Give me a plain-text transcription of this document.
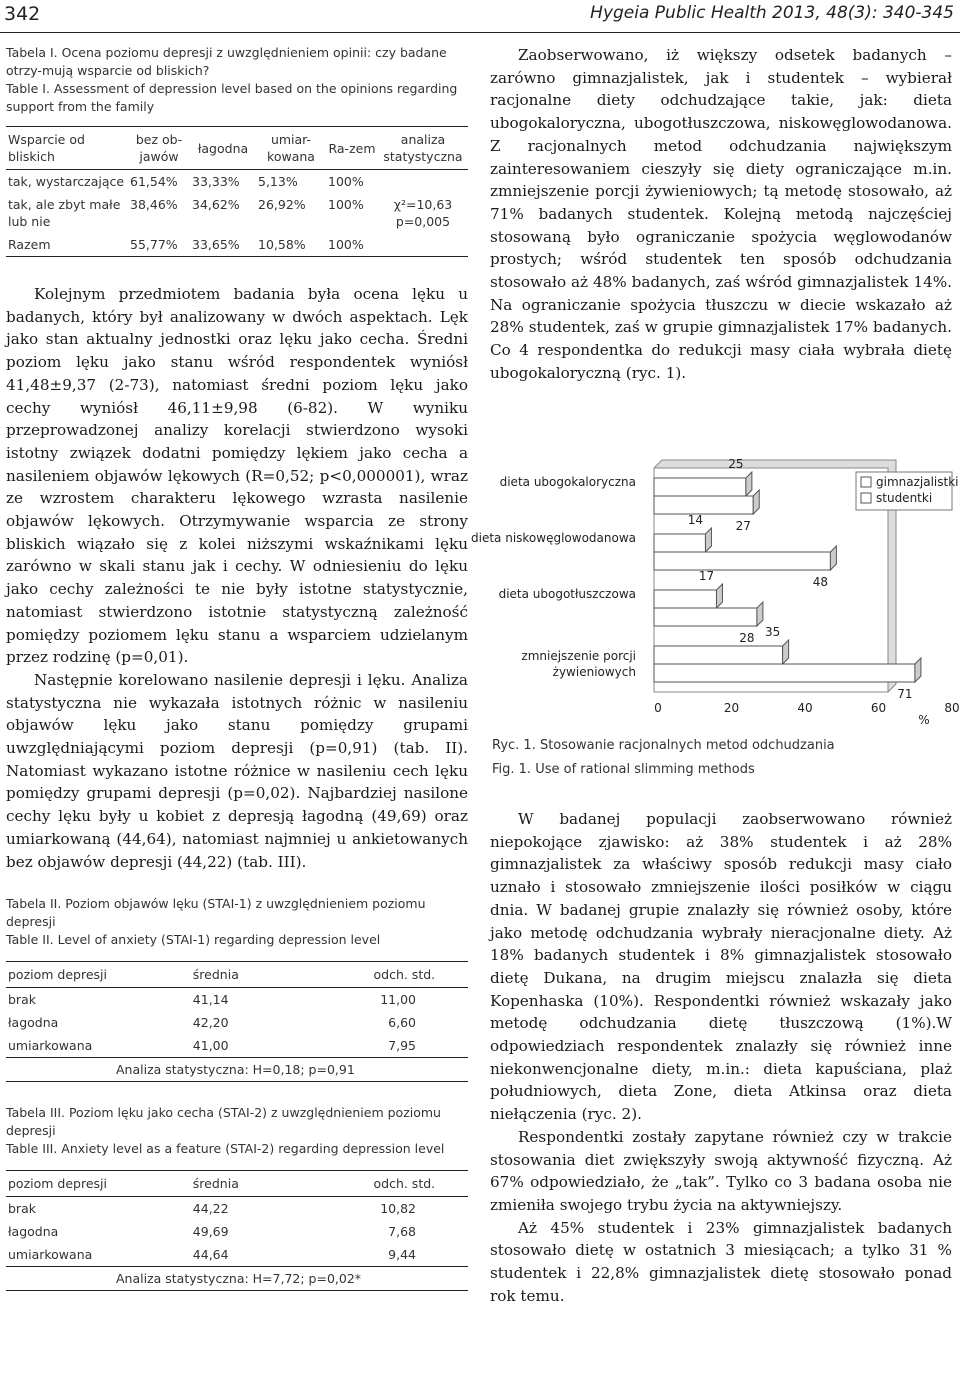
342	Hygeia Public Health 2013, 48(3): 340-345

Tabela I. Ocena poziomu depresji z uwzględnieniem opinii: czy badane otrzy-mują wsparcie od bliskich?

Table I. Assessment of depression level based on the opinions regarding support from the family

Wsparcie od bliskich	bez ob-jawów	łagodna	umiar-kowana	Ra-zem	analiza statystyczna
tak, wystarczające	61,54%	33,33%	5,13%	100%	
tak, ale zbyt małe lub nie	38,46%	34,62%	26,92%	100%	χ²=10,63
p=0,005

Razem	55,77%	33,65%	10,58%	100%	

Kolejnym przedmiotem badania była ocena lęku u badanych, który był analizowany w dwóch aspektach. Lęk jako stan aktualny jednostki oraz lęku jako cecha. Średni poziom lęku jako stanu wśród respondentek wyniósł 41,48±9,37 (2-73), natomiast średni poziom lęku jako cechy wyniósł 46,11±9,98 (6-82). W wyniku przeprowadzonej analizy korelacji stwierdzono wysoki istotny związek dodatni pomiędzy lękiem jako cecha a nasileniem objawów lękowych (R=0,52; p<0,000001), wraz ze wzrostem charakteru lękowego wzrasta nasilenie objawów lękowych. Otrzymywanie wsparcia ze strony bliskich wiązało się z kolei niższymi wskaźnikami lęku zarówno w skali stanu jak i cechy. W odniesieniu do lęku jako cechy zależności te nie były istotne statystycznie, natomiast stwierdzono istotnie statystyczną zależność pomiędzy poziomem lęku stanu a wsparciem udzielanym przez rodzinę (p=0,01).

Następnie korelowano nasilenie depresji i lęku. Analiza statystyczna nie wykazała istotnych różnic w nasileniu objawów lęku jako stanu pomiędzy grupami uwzględniającymi poziom depresji (p=0,91) (tab. II). Natomiast wykazano istotne różnice w nasileniu cech lęku pomiędzy grupami depresji (p=0,02). Najbardziej nasilone cechy lęku były u kobiet z depresją łagodną (49,69) oraz umiarkowaną (44,64), natomiast najmniej u ankietowanych bez objawów depresji (44,22) (tab. III).

Tabela II. Poziom objawów lęku (STAI-1) z uwzględnieniem poziomu depresji

Table II. Level of anxiety (STAI-1) regarding depression level

poziom depresji	średnia	odch. std.
brak	41,14	11,00
łagodna	42,20	6,60
umiarkowana	41,00	7,95
Analiza statystyczna: H=0,18; p=0,91		

Tabela III. Poziom lęku jako cecha (STAI-2) z uwzględnieniem poziomu depresji

Table III. Anxiety level as a feature (STAI-2) regarding depression level

poziom depresji	średnia	odch. std.
brak	44,22	10,82
łagodna	49,69	7,68
umiarkowana	44,64	9,44
Analiza statystyczna: H=7,72; p=0,02*		

Zaobserwowano, iż większy odsetek badanych – zarówno gimnazjalistek, jak i studentek – wybierał racjonalne diety odchudzające takie, jak: dieta ubogokaloryczna, ubogotłuszczowa, niskowęglowodanowa. Z racjonalnych metod odchudzania największym zainteresowaniem cieszyły się diety ograniczające m.in. zmniejszenie porcji żywieniowych; tą metodę stosowało, aż 71% badanych studentek. Kolejną metodą najczęściej stosowaną było ograniczanie spożycia węglowodanów prostych; wśród studentek ten sposób odchudzania stosowało aż 48% badanych, zaś wśród gimnazjalistek 14%. Na ograniczanie spożycia tłuszczu w diecie wskazało aż 28% studentek, zaś w grupie gimnazjalistek 17% badanych. Co 4 respondentka do redukcji masy ciała wybrała dietę ubogokaloryczną (ryc. 1).

0	20	40	60	80
%
dieta ubogokaloryczna
25
27
dieta niskowęglowodanowa
14
48
dieta ubogotłuszczowa
17
28
zmniejszenie porcji
żywieniowych
35
71
gimnazjalistki
studentki

Ryc. 1. Stosowanie racjonalnych metod odchudzania

Fig. 1. Use of rational slimming methods

W badanej populacji zaobserwowano również niepokojące zjawisko: aż 38% studentek i aż 28% gimnazjalistek za właściwy sposób redukcji masy ciało uznało i stosowało zmniejszenie ilości posiłków w ciągu dnia. W badanej grupie znalazły się również osoby, które jako metodę odchudzania wybrały nieracjonalne diety. Aż 18% badanych studentek i 8% gimnazjalistek stosowało dietę Dukana, na drugim miejscu znalazła się dieta Kopenhaska (10%). Respondentki również wskazały jako metodę odchudzania dietę tłuszczową (1%).W odpowiedziach respondentek znalazły się również inne niekonwencjonalne diety, m.in.: dieta kapuściana, plaż południowych, dieta Zone, dieta Atkinsa oraz dieta niełączenia (ryc. 2).

Respondentki zostały zapytane również czy w trakcie stosowania diet zwiększyły swoją aktywność fizyczną. Aż 67% odpowiedziało, że „tak”. Tylko co 3 badana osoba nie zmieniła swojego trybu życia na aktywniejszy.

Aż 45% studentek i 23% gimnazjalistek badanych stosowało dietę w ostatnich 3 miesiącach; a tylko 31 % studentek i 22,8% gimnazjalistek dietę stosowało ponad rok temu.
